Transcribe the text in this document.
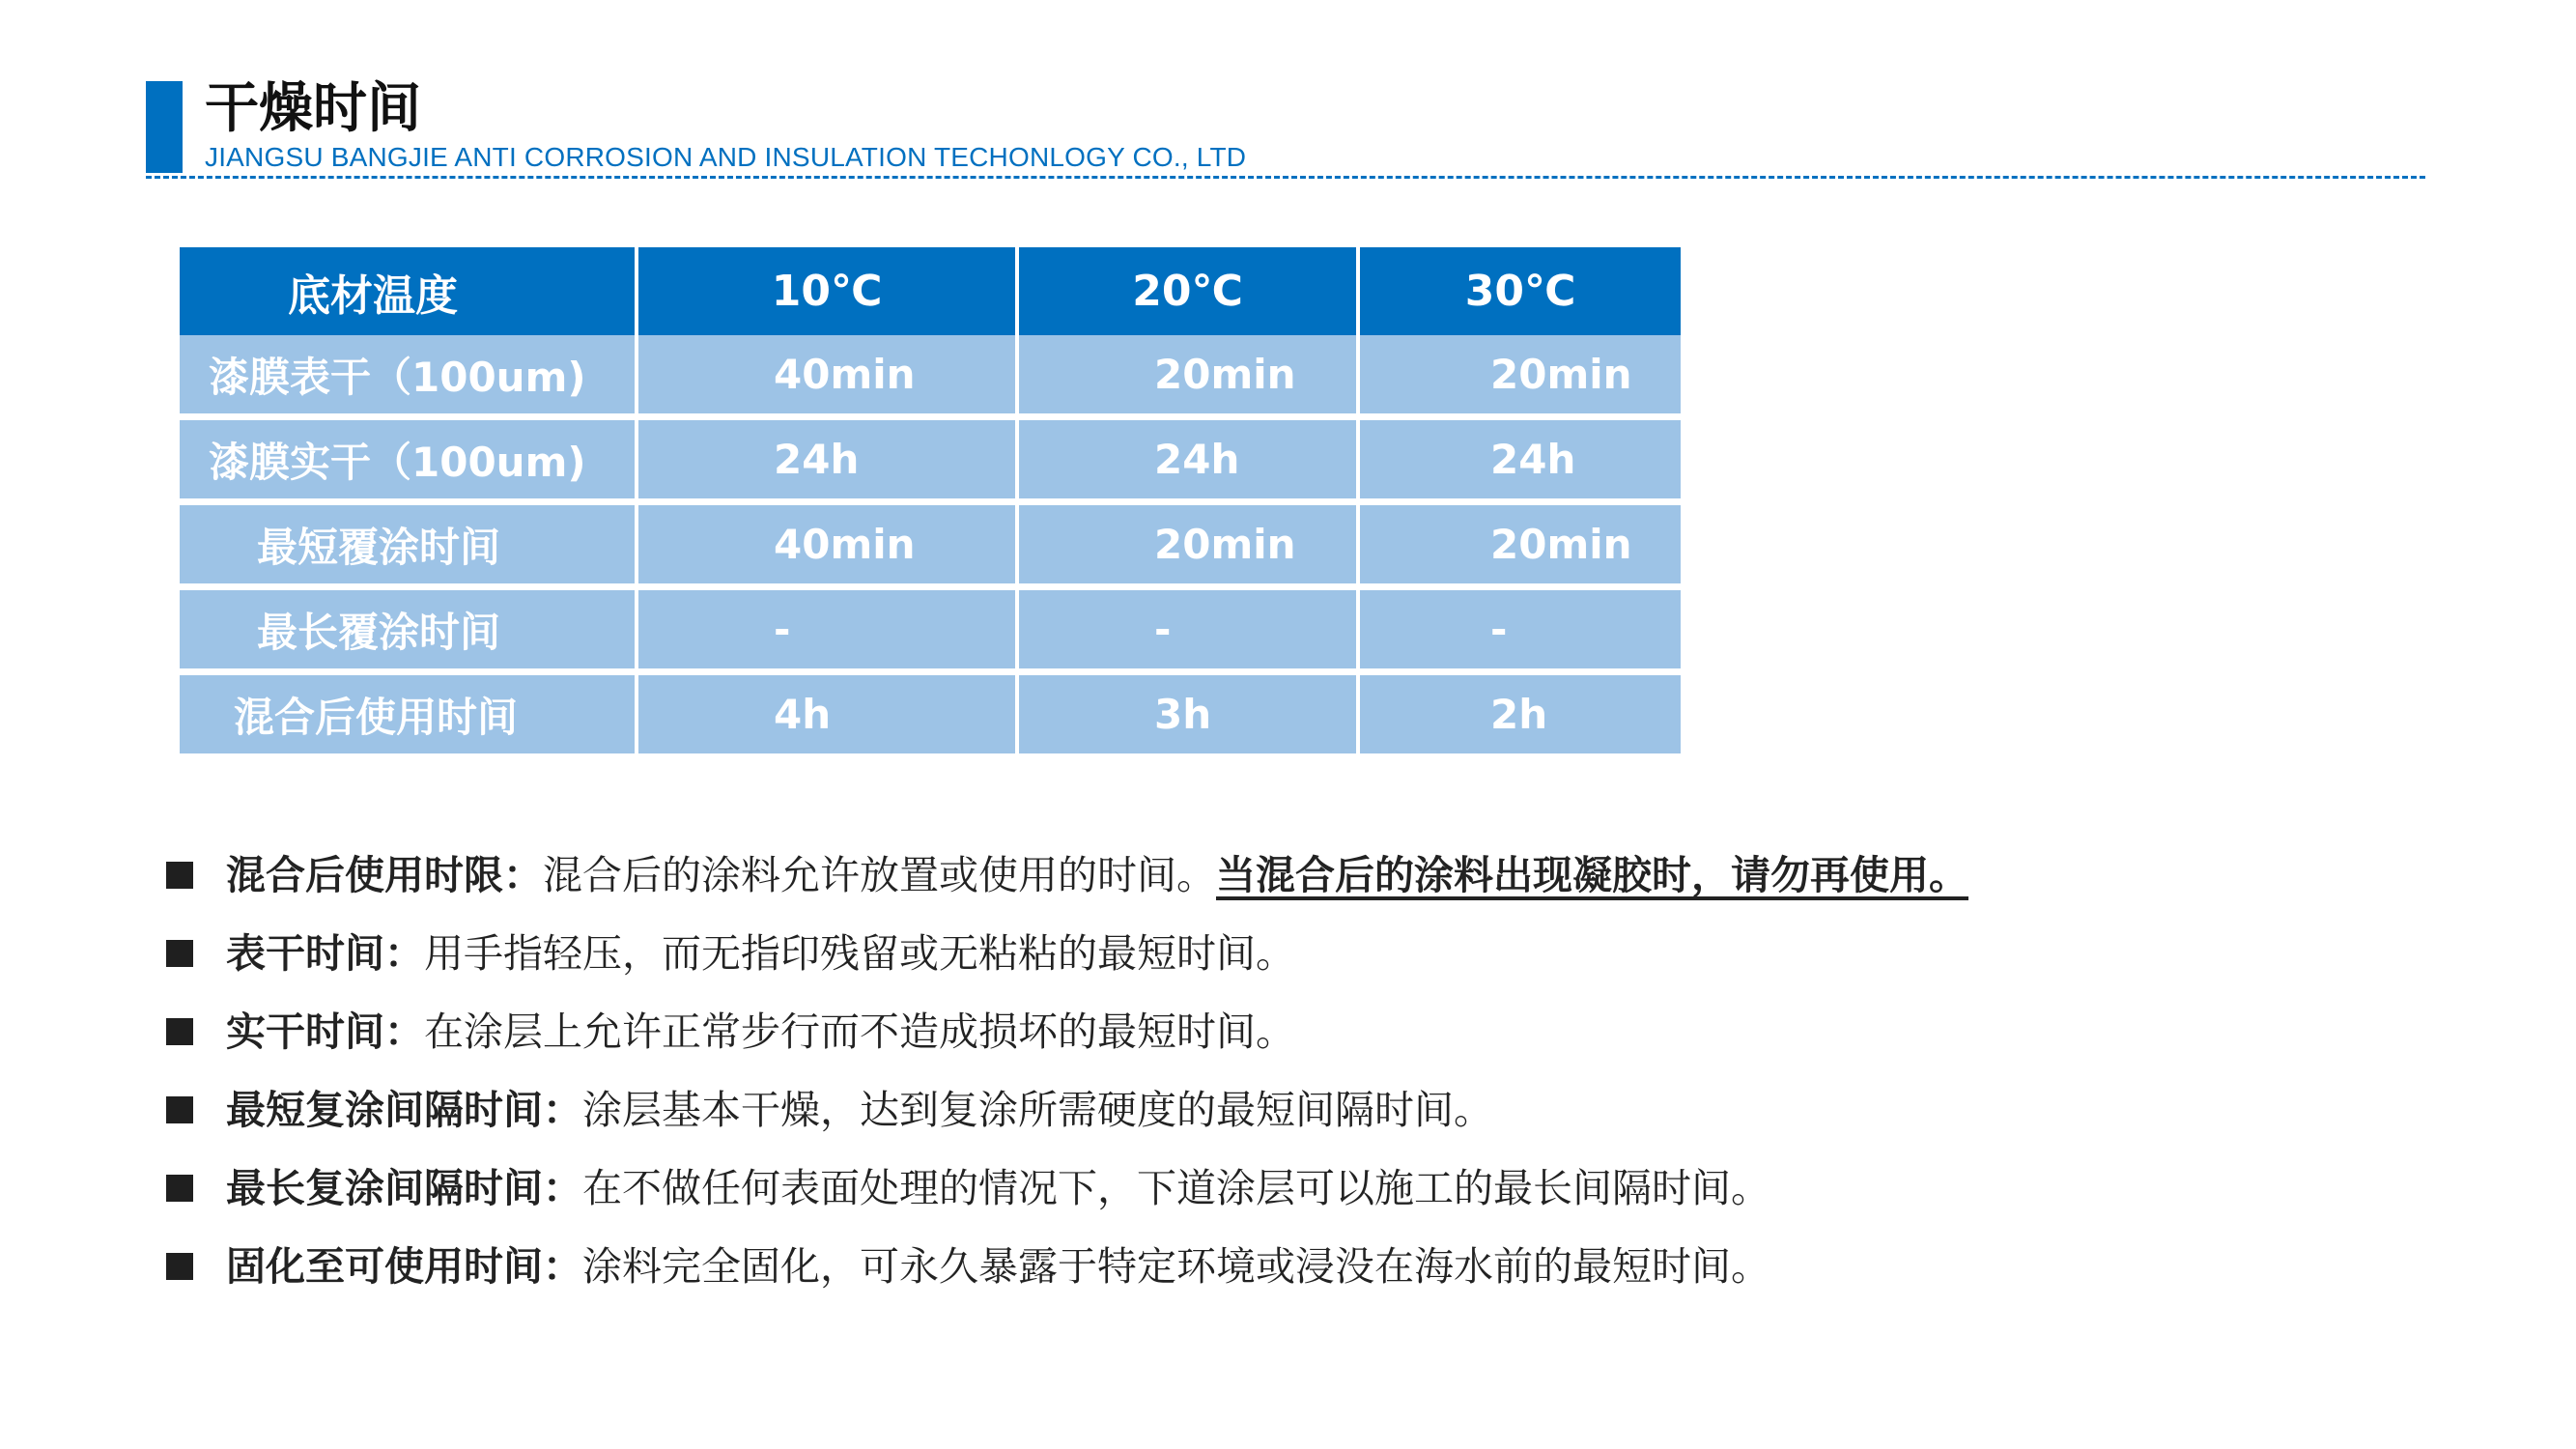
干燥时间
JIANGSU BANGJIE ANTI CORROSION AND INSULATION TECHONLOGY CO., LTD
底材温度	10℃	20℃	30℃
漆膜表干（100um)	40min	20min	20min
漆膜实干（100um)	24h	24h	24h
最短覆涂时间	40min	20min	20min
最长覆涂时间	-	-	-
混合后使用时间	4h	3h	2h
混合后使用时限：混合后的涂料允许放置或使用的时间。当混合后的涂料出现凝胶时，请勿再使用。
表干时间：用手指轻压，而无指印残留或无粘粘的最短时间。
实干时间：在涂层上允许正常步行而不造成损坏的最短时间。
最短复涂间隔时间：涂层基本干燥，达到复涂所需硬度的最短间隔时间。
最长复涂间隔时间：在不做任何表面处理的情况下，下道涂层可以施工的最长间隔时间。
固化至可使用时间：涂料完全固化，可永久暴露于特定环境或浸没在海水前的最短时间。
